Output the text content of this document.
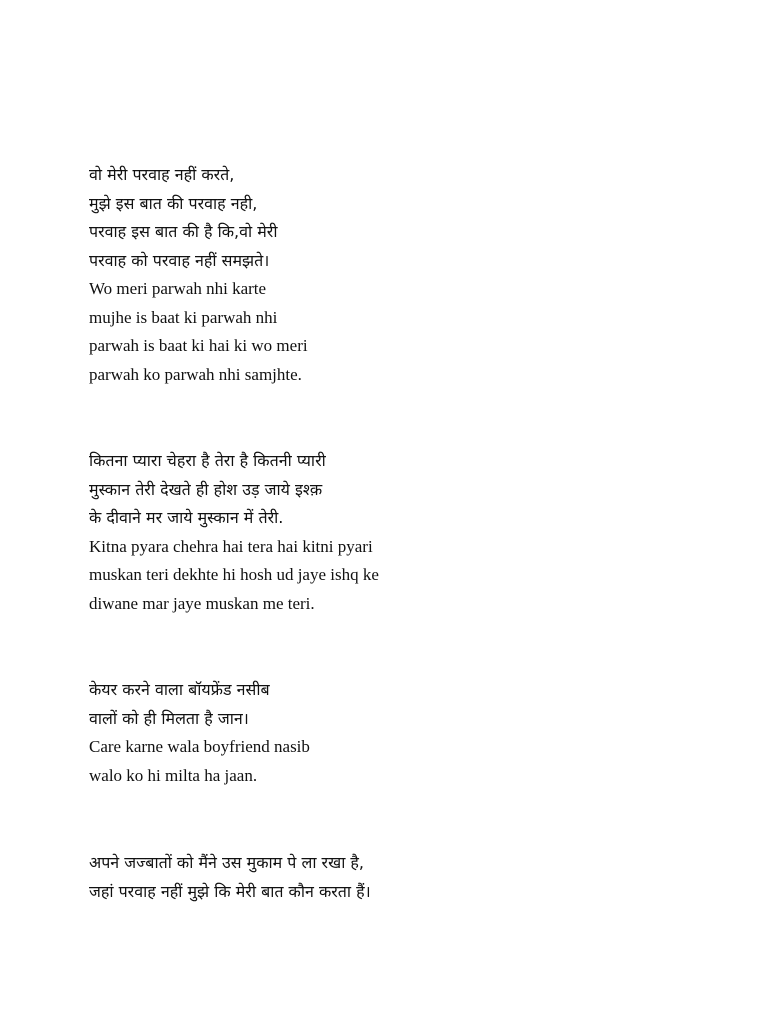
वो मेरी परवाह नहीं करते,
मुझे इस बात की परवाह नही,
परवाह इस बात की है कि,वो मेरी
परवाह को परवाह नहीं समझते।
Wo meri parwah nhi karte
mujhe is baat ki parwah nhi
parwah is baat ki hai ki wo meri
parwah ko parwah nhi samjhte.
कितना प्यारा चेहरा है तेरा है कितनी प्यारी
मुस्कान तेरी देखते ही होश उड़ जाये इश्क़
के दीवाने मर जाये मुस्कान में तेरी.
Kitna pyara chehra hai tera hai kitni pyari
muskan teri dekhte hi hosh ud jaye ishq ke
diwane mar jaye muskan me teri.
केयर करने वाला बॉयफ्रेंड नसीब
वालों को ही मिलता है जान।
Care karne wala boyfriend nasib
walo ko hi milta ha jaan.
अपने जज्बातों को मैंने उस मुकाम पे ला रखा है,
जहां परवाह नहीं मुझे कि मेरी बात कौन करता हैं।
